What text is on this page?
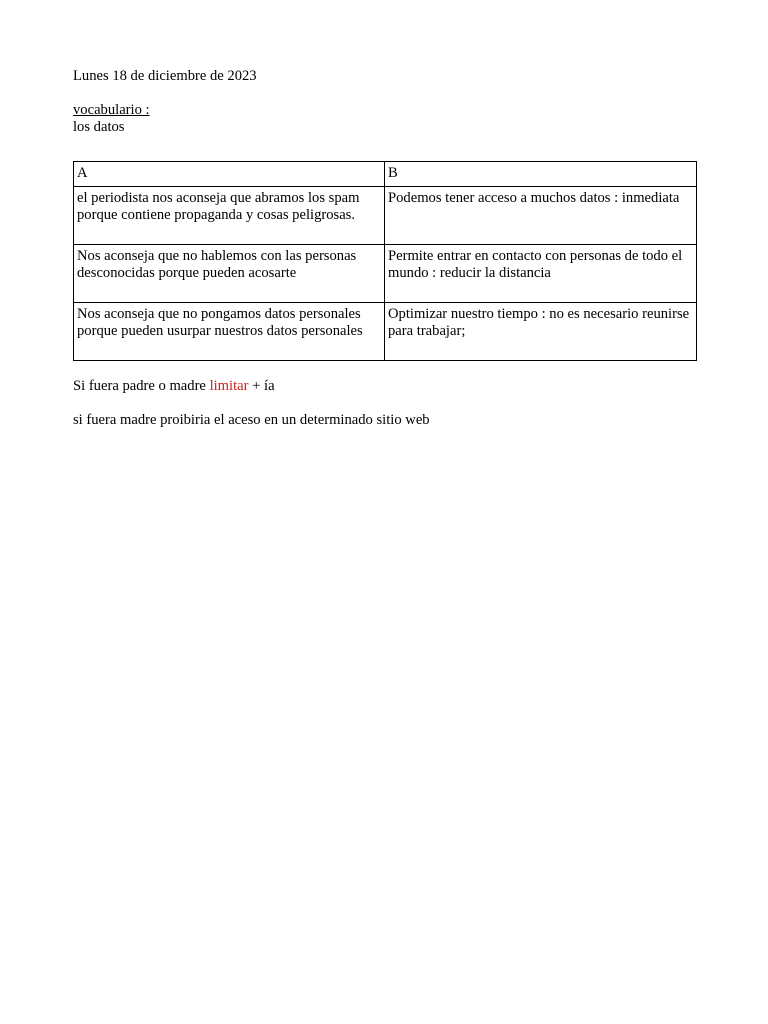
Lunes 18 de diciembre de 2023

vocabulario :

los datos

A	B
el periodista nos aconseja que abramos los spam porque contiene propaganda y cosas peligrosas.	Podemos tener acceso a muchos datos : inmediata
Nos aconseja que no hablemos con las personas desconocidas porque pueden acosarte	Permite entrar en contacto con personas de todo el mundo : reducir la distancia
Nos aconseja que no pongamos datos personales porque pueden usurpar nuestros datos personales	Optimizar nuestro tiempo : no es necesario reunirse para trabajar;

Si fuera padre o madre limitar + ía

si fuera madre proibiria el aceso en un determinado sitio web
